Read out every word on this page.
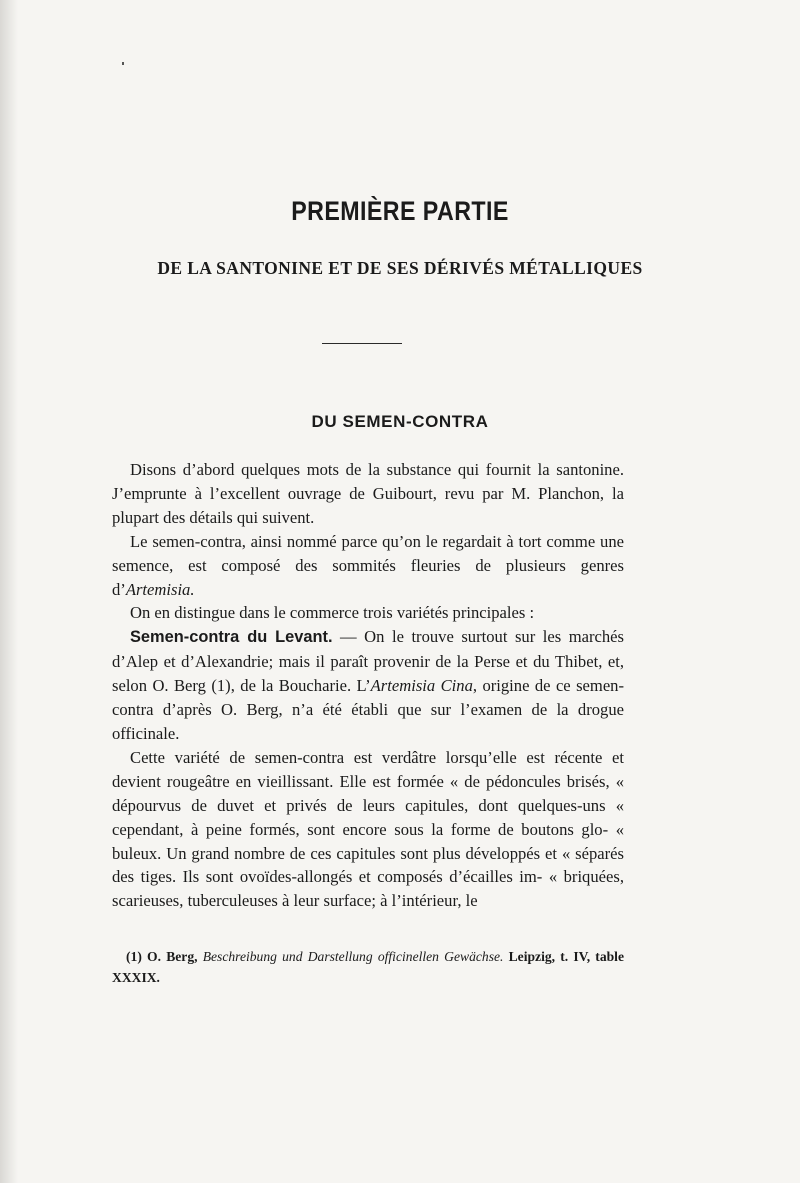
PREMIÈRE PARTIE
DE LA SANTONINE ET DE SES DÉRIVÉS MÉTALLIQUES
DU SEMEN-CONTRA

Disons d’abord quelques mots de la substance qui fournit la santonine. J’emprunte à l’excellent ouvrage de Guibourt, revu par M. Planchon, la plupart des détails qui suivent.

Le semen-contra, ainsi nommé parce qu’on le regardait à tort comme une semence, est composé des sommités fleuries de plusieurs genres d’Artemisia.

On en distingue dans le commerce trois variétés principales :

Semen-contra du Levant. — On le trouve surtout sur les marchés d’Alep et d’Alexandrie; mais il paraît provenir de la Perse et du Thibet, et, selon O. Berg (1), de la Boucharie. L’Artemisia Cina, origine de ce semen-contra d’après O. Berg, n’a été établi que sur l’examen de la drogue officinale.

Cette variété de semen-contra est verdâtre lorsqu’elle est récente et devient rougeâtre en vieillissant. Elle est formée « de pédoncules brisés, « dépourvus de duvet et privés de leurs capitules, dont quelques-uns « cependant, à peine formés, sont encore sous la forme de boutons glo- « buleux. Un grand nombre de ces capitules sont plus développés et « séparés des tiges. Ils sont ovoïdes-allongés et composés d’écailles im- « briquées, scarieuses, tuberculeuses à leur surface; à l’intérieur, le

(1) O. Berg, Beschreibung und Darstellung officinellen Gewächse. Leipzig, t. IV, table XXXIX.
